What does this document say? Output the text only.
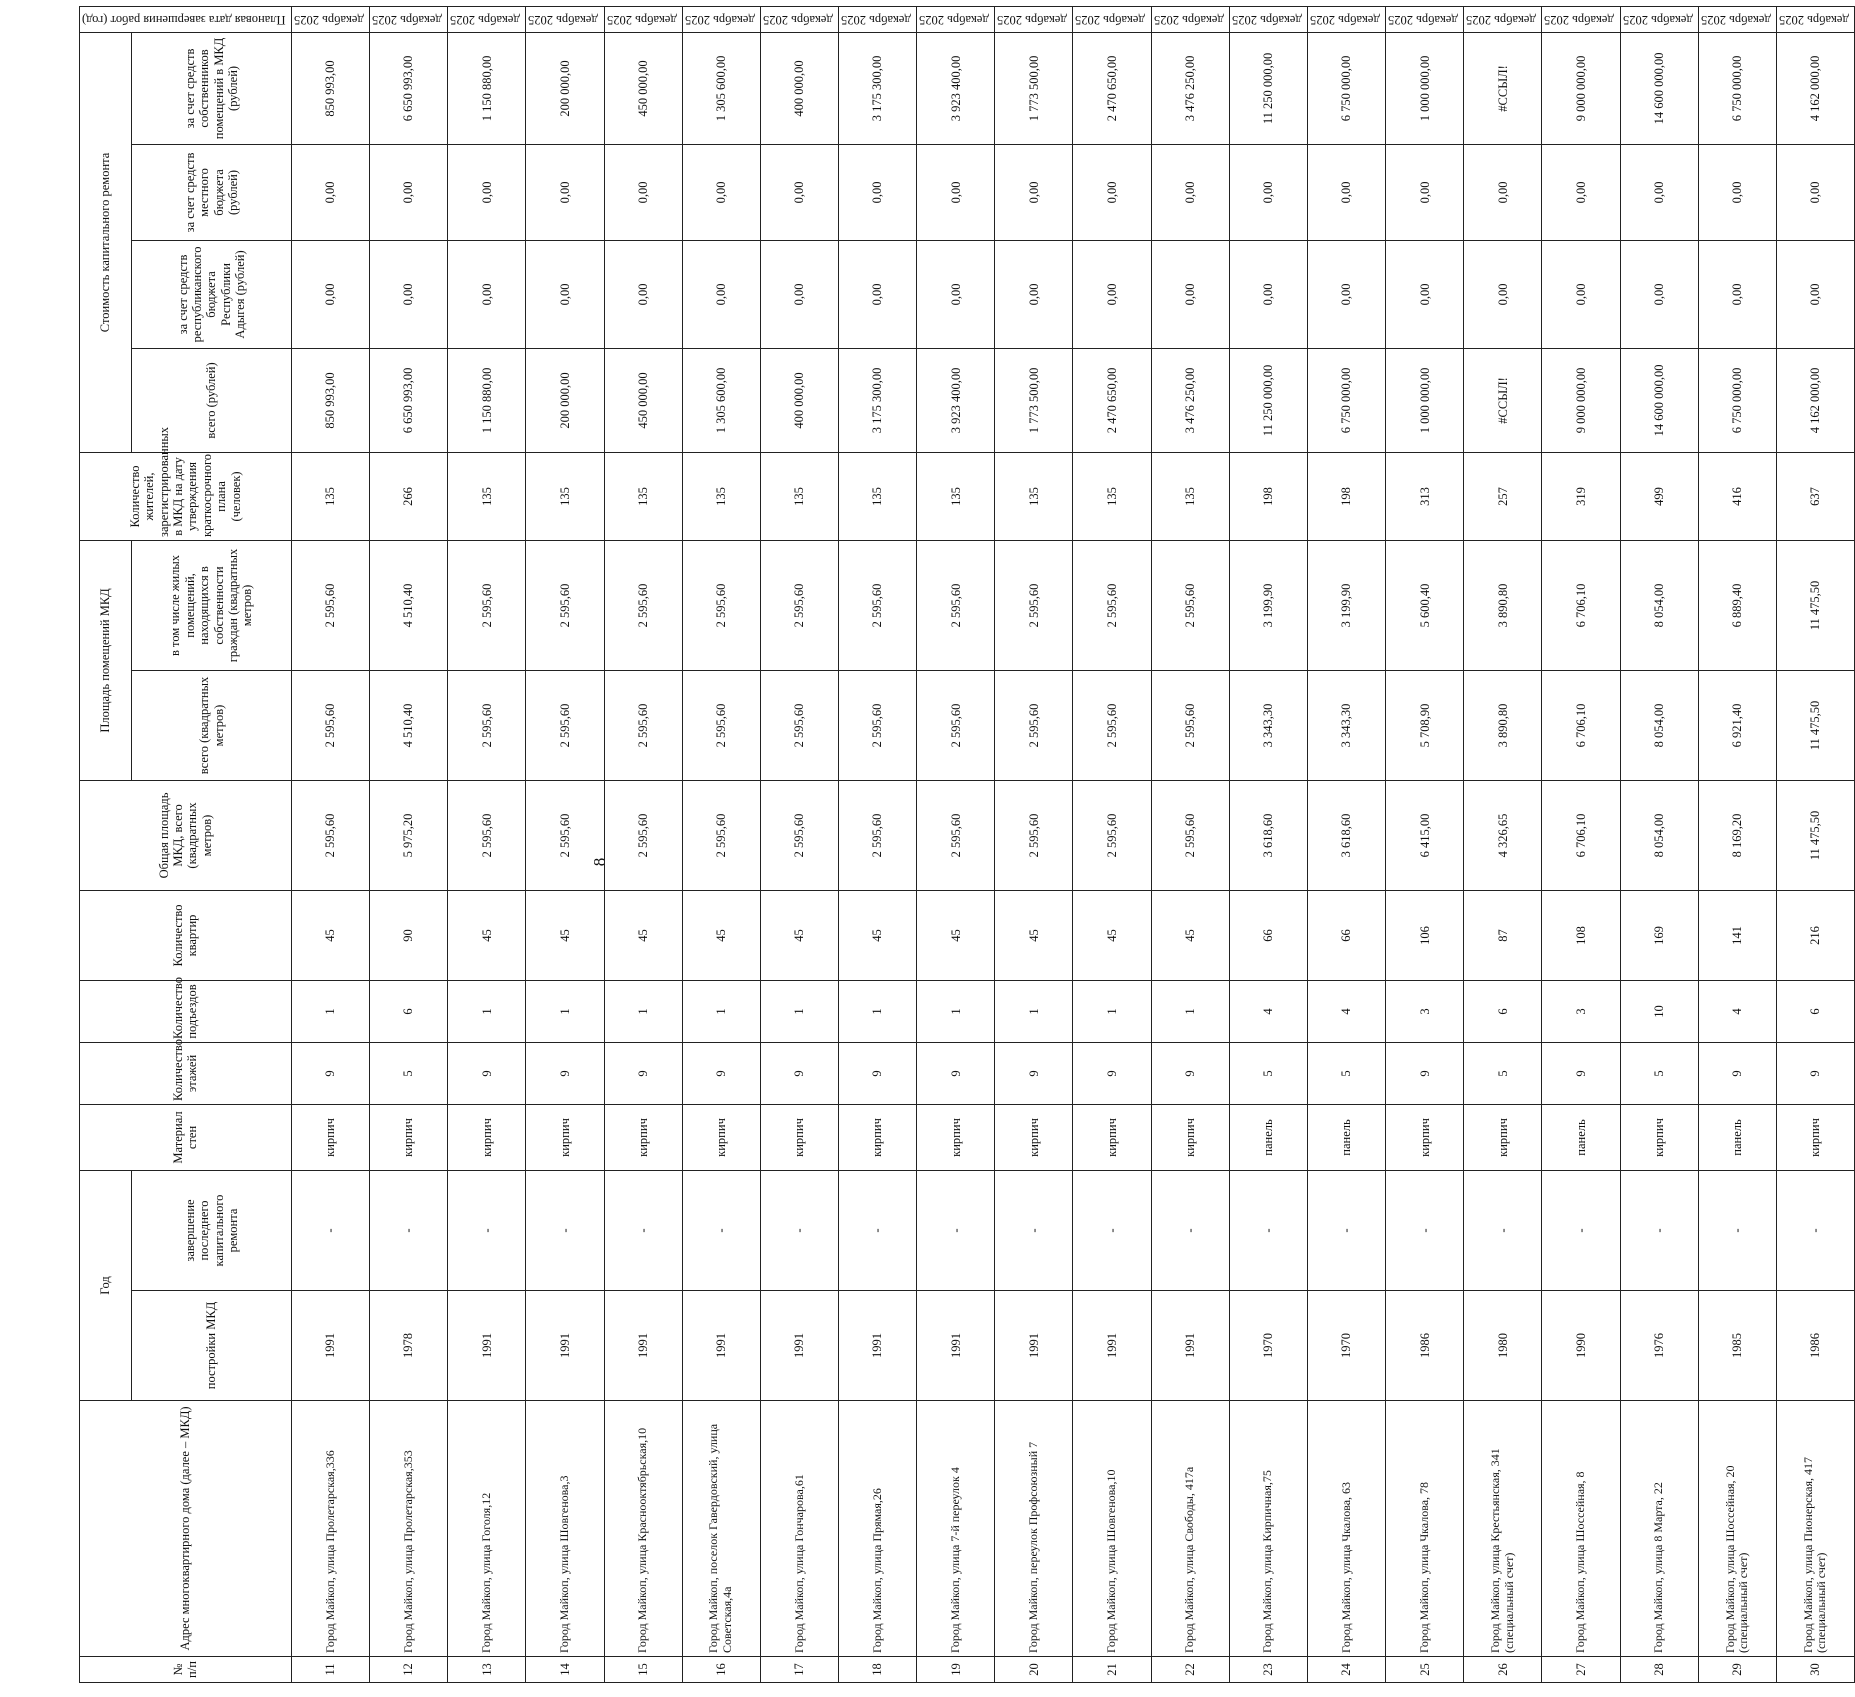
8
№ п/п	Адрес многоквартирного дома (далее – МКД)	Год		Материал стен	Количество этажей	Количество подъездов	Количество квартир	Общая площадь МКД, всего (квадратных метров)	Площадь помещений МКД		Количество жителей, зарегистрированных в МКД на дату утверждения краткосрочного плана (человек)	Стоимость капитального ремонта				Плановая дата завершения работ (год)
		постройки МКД	завершение последнего капитального ремонта						всего (квадратных метров)	в том числе жилых помещений, находящихся в собственности граждан (квадратных метров)		всего (рублей)	за счет средств республиканского бюджета Республики Адыгея (рублей)	за счет средств местного бюджета (рублей)	за счет средств собственников помещений в МКД (рублей)	
11	Город Майкоп, улица Пролетарская,336	1991	-	кирпич	9	1	45	2 595,60	2 595,60	2 595,60	135	850 993,00	0,00	0,00	850 993,00	декабрь 2025
12	Город Майкоп, улица Пролетарская,353	1978	-	кирпич	5	6	90	5 975,20	4 510,40	4 510,40	266	6 650 993,00	0,00	0,00	6 650 993,00	декабрь 2025
13	Город Майкоп, улица Гоголя,12	1991	-	кирпич	9	1	45	2 595,60	2 595,60	2 595,60	135	1 150 880,00	0,00	0,00	1 150 880,00	декабрь 2025
14	Город Майкоп, улица Шовгенова,3	1991	-	кирпич	9	1	45	2 595,60	2 595,60	2 595,60	135	200 000,00	0,00	0,00	200 000,00	декабрь 2025
15	Город Майкоп, улица Краснооктябрьская,10	1991	-	кирпич	9	1	45	2 595,60	2 595,60	2 595,60	135	450 000,00	0,00	0,00	450 000,00	декабрь 2025
16	Город Майкоп, поселок Гавердовский, улица Советская,4а	1991	-	кирпич	9	1	45	2 595,60	2 595,60	2 595,60	135	1 305 600,00	0,00	0,00	1 305 600,00	декабрь 2025
17	Город Майкоп, улица Гончарова,61	1991	-	кирпич	9	1	45	2 595,60	2 595,60	2 595,60	135	400 000,00	0,00	0,00	400 000,00	декабрь 2025
18	Город Майкоп, улица Прямая,26	1991	-	кирпич	9	1	45	2 595,60	2 595,60	2 595,60	135	3 175 300,00	0,00	0,00	3 175 300,00	декабрь 2025
19	Город Майкоп, улица 7-й переулок 4	1991	-	кирпич	9	1	45	2 595,60	2 595,60	2 595,60	135	3 923 400,00	0,00	0,00	3 923 400,00	декабрь 2025
20	Город Майкоп, переулок Профсоюзный 7	1991	-	кирпич	9	1	45	2 595,60	2 595,60	2 595,60	135	1 773 500,00	0,00	0,00	1 773 500,00	декабрь 2025
21	Город Майкоп, улица Шовгенова,10	1991	-	кирпич	9	1	45	2 595,60	2 595,60	2 595,60	135	2 470 650,00	0,00	0,00	2 470 650,00	декабрь 2025
22	Город Майкоп, улица Свободы, 417а	1991	-	кирпич	9	1	45	2 595,60	2 595,60	2 595,60	135	3 476 250,00	0,00	0,00	3 476 250,00	декабрь 2025
23	Город Майкоп, улица Кирпичная,75	1970	-	панель	5	4	66	3 618,60	3 343,30	3 199,90	198	11 250 000,00	0,00	0,00	11 250 000,00	декабрь 2025
24	Город Майкоп, улица Чкалова, 63	1970	-	панель	5	4	66	3 618,60	3 343,30	3 199,90	198	6 750 000,00	0,00	0,00	6 750 000,00	декабрь 2025
25	Город Майкоп, улица Чкалова, 78	1986	-	кирпич	9	3	106	6 415,00	5 708,90	5 600,40	313	1 000 000,00	0,00	0,00	1 000 000,00	декабрь 2025
26	Город Майкоп, улица Крестьянская, 341 (специальный счет)	1980	-	кирпич	5	6	87	4 326,65	3 890,80	3 890,80	257	#ССЫЛ!	0,00	0,00	#ССЫЛ!	декабрь 2025
27	Город Майкоп, улица Шоссейная, 8	1990	-	панель	9	3	108	6 706,10	6 706,10	6 706,10	319	9 000 000,00	0,00	0,00	9 000 000,00	декабрь 2025
28	Город Майкоп, улица 8 Марта, 22	1976	-	кирпич	5	10	169	8 054,00	8 054,00	8 054,00	499	14 600 000,00	0,00	0,00	14 600 000,00	декабрь 2025
29	Город Майкоп, улица Шоссейная, 20 (специальный счет)	1985	-	панель	9	4	141	8 169,20	6 921,40	6 889,40	416	6 750 000,00	0,00	0,00	6 750 000,00	декабрь 2025
30	Город Майкоп, улица Пионерская, 417 (специальный счет)	1986	-	кирпич	9	6	216	11 475,50	11 475,50	11 475,50	637	4 162 000,00	0,00	0,00	4 162 000,00	декабрь 2025
